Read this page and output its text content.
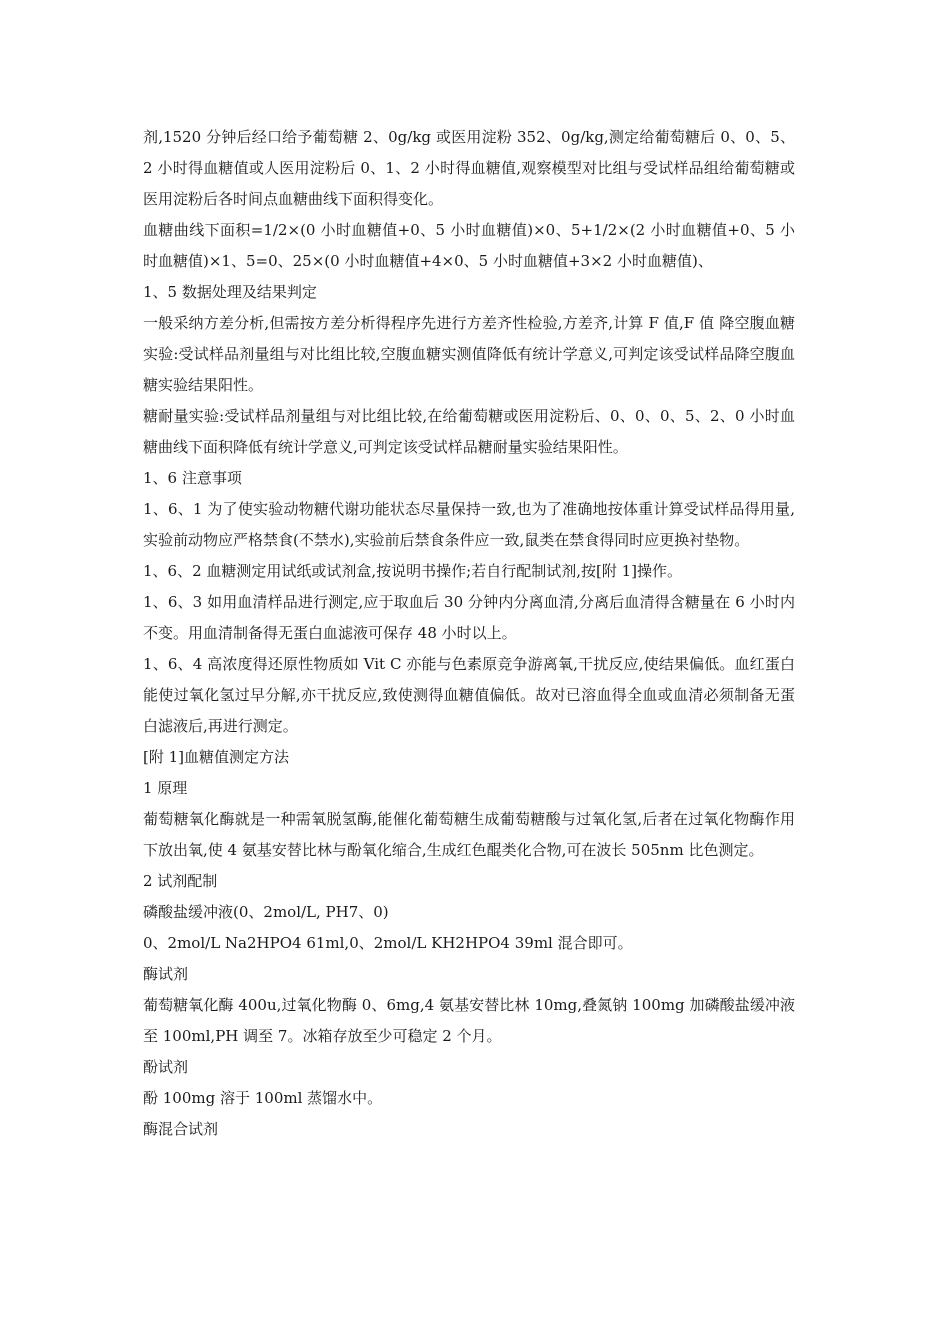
剂,1520 分钟后经口给予葡萄糖 2、0g/kg 或医用淀粉 352、0g/kg,测定给葡萄糖后 0、0、5、2 小时得血糖值或人医用淀粉后 0、1、2 小时得血糖值,观察模型对比组与受试样品组给葡萄糖或医用淀粉后各时间点血糖曲线下面积得变化。

血糖曲线下面积=1/2×(0 小时血糖值+0、5 小时血糖值)×0、5+1/2×(2 小时血糖值+0、5 小时血糖值)×1、5=0、25×(0 小时血糖值+4×0、5 小时血糖值+3×2 小时血糖值)、

1、5 数据处理及结果判定

一般采纳方差分析,但需按方差分析得程序先进行方差齐性检验,方差齐,计算 F 值,F 值 降空腹血糖实验:受试样品剂量组与对比组比较,空腹血糖实测值降低有统计学意义,可判定该受试样品降空腹血糖实验结果阳性。

糖耐量实验:受试样品剂量组与对比组比较,在给葡萄糖或医用淀粉后、0、0、0、5、2、0 小时血糖曲线下面积降低有统计学意义,可判定该受试样品糖耐量实验结果阳性。

1、6 注意事项

1、6、1 为了使实验动物糖代谢功能状态尽量保持一致,也为了准确地按体重计算受试样品得用量,实验前动物应严格禁食(不禁水),实验前后禁食条件应一致,鼠类在禁食得同时应更换衬垫物。

1、6、2 血糖测定用试纸或试剂盒,按说明书操作;若自行配制试剂,按[附 1]操作。

1、6、3 如用血清样品进行测定,应于取血后 30 分钟内分离血清,分离后血清得含糖量在 6 小时内不变。用血清制备得无蛋白血滤液可保存 48 小时以上。

1、6、4 高浓度得还原性物质如 Vit C 亦能与色素原竞争游离氧,干扰反应,使结果偏低。血红蛋白能使过氧化氢过早分解,亦干扰反应,致使测得血糖值偏低。故对已溶血得全血或血清必须制备无蛋白滤液后,再进行测定。

[附 1]血糖值测定方法

1 原理

葡萄糖氧化酶就是一种需氧脱氢酶,能催化葡萄糖生成葡萄糖酸与过氧化氢,后者在过氧化物酶作用下放出氧,使 4 氨基安替比林与酚氧化缩合,生成红色醌类化合物,可在波长 505nm 比色测定。

2 试剂配制

磷酸盐缓冲液(0、2mol/L, PH7、0)

0、2mol/L Na2HPO4 61ml,0、2mol/L KH2HPO4 39ml 混合即可。

酶试剂

葡萄糖氧化酶 400u,过氧化物酶 0、6mg,4 氨基安替比林 10mg,叠氮钠 100mg 加磷酸盐缓冲液至 100ml,PH 调至 7。冰箱存放至少可稳定 2 个月。

酚试剂

酚 100mg 溶于 100ml 蒸馏水中。

酶混合试剂
